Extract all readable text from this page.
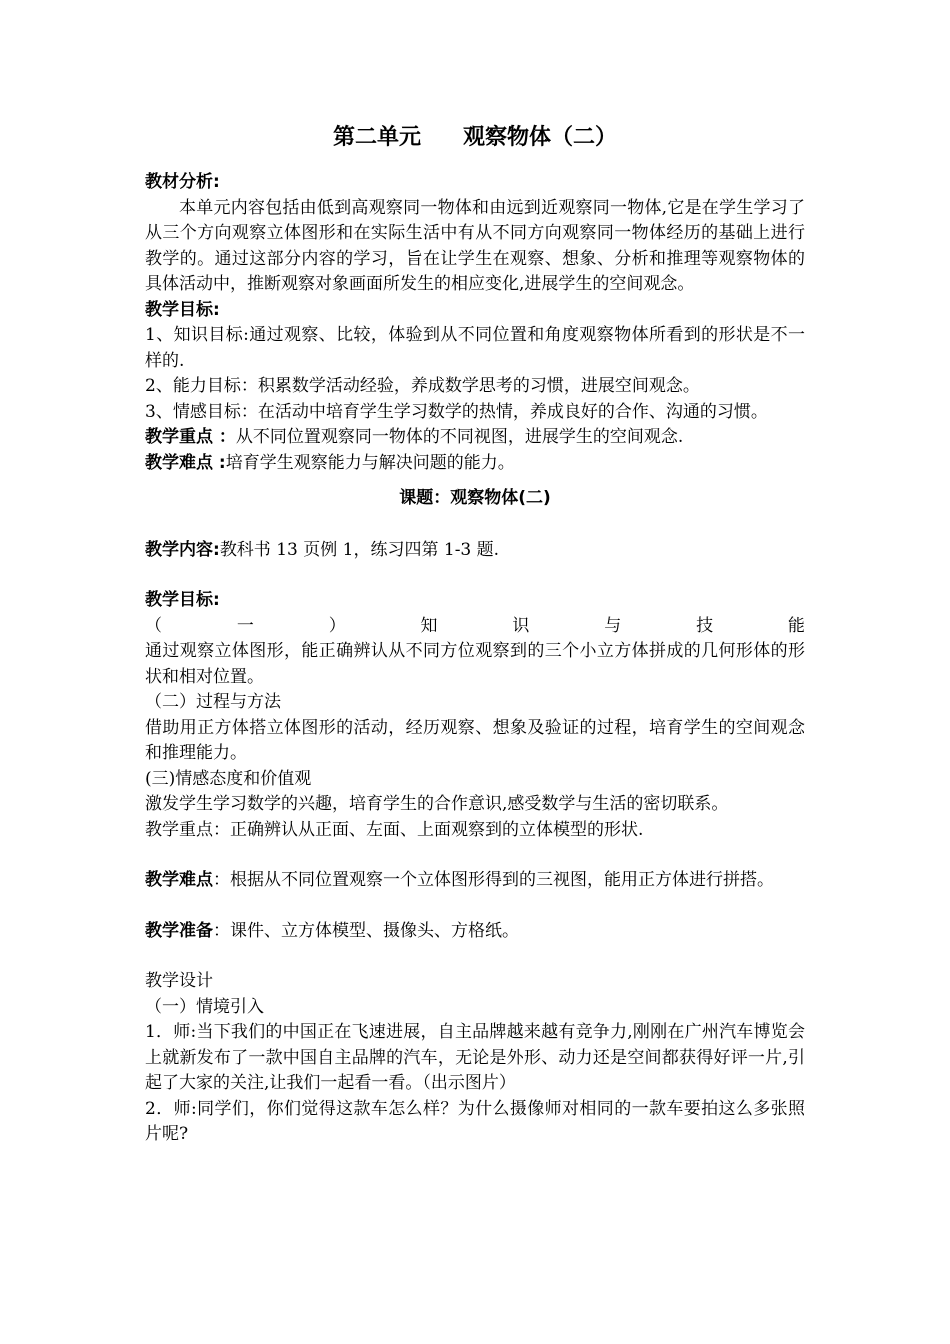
第二单元 观察物体（二）

教材分析:

本单元内容包括由低到高观察同一物体和由远到近观察同一物体,它是在学生学习了从三个方向观察立体图形和在实际生活中有从不同方向观察同一物体经历的基础上进行教学的。通过这部分内容的学习，旨在让学生在观察、想象、分析和推理等观察物体的具体活动中，推断观察对象画面所发生的相应变化,进展学生的空间观念。

教学目标:

1、知识目标:通过观察、比较，体验到从不同位置和角度观察物体所看到的形状是不一样的.

2、能力目标：积累数学活动经验，养成数学思考的习惯，进展空间观念。

3、情感目标：在活动中培育学生学习数学的热情，养成良好的合作、沟通的习惯。

教学重点 ：从不同位置观察同一物体的不同视图，进展学生的空间观念.

教学难点 :培育学生观察能力与解决问题的能力。

课题：观察物体(二)

教学内容:教科书 13 页例 1，练习四第 1-3 题.

教学目标:

（	一	）	知	识	与	技	能

通过观察立体图形，能正确辨认从不同方位观察到的三个小立方体拼成的几何形体的形状和相对位置。

（二）过程与方法

借助用正方体搭立体图形的活动，经历观察、想象及验证的过程，培育学生的空间观念和推理能力。

(三)情感态度和价值观

激发学生学习数学的兴趣，培育学生的合作意识,感受数学与生活的密切联系。

教学重点：正确辨认从正面、左面、上面观察到的立体模型的形状.

教学难点：根据从不同位置观察一个立体图形得到的三视图，能用正方体进行拼搭。

教学准备：课件、立方体模型、摄像头、方格纸。

教学设计

（一）情境引入

1．师:当下我们的中国正在飞速进展，自主品牌越来越有竞争力,刚刚在广州汽车博览会上就新发布了一款中国自主品牌的汽车，无论是外形、动力还是空间都获得好评一片,引起了大家的关注,让我们一起看一看。（出示图片）

2．师:同学们，你们觉得这款车怎么样？为什么摄像师对相同的一款车要拍这么多张照片呢?
